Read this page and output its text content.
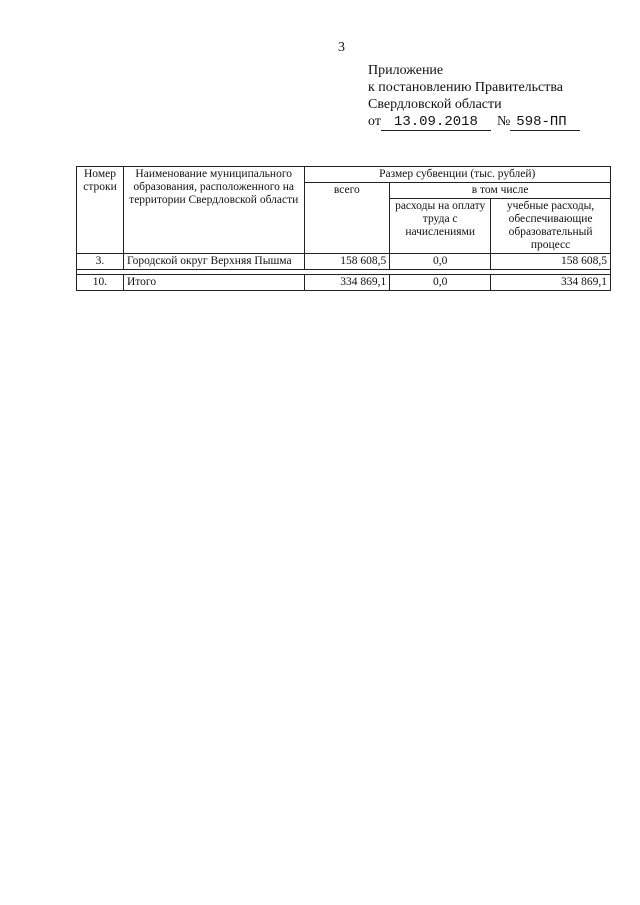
3
Приложение
к постановлению Правительства
Свердловской области
от 13.09.2018 № 598-ПП
Номер строки	Наименование муниципального образования, расположенного на территории Свердловской области	Размер субвенции (тыс. рублей)		
		всего	в том числе	
			расходы на оплату труда с начислениями	учебные расходы, обеспечивающие образовательный процесс
3.	Городской округ Верхняя Пышма	158 608,5	0,0	158 608,5

10.	Итого	334 869,1	0,0	334 869,1
